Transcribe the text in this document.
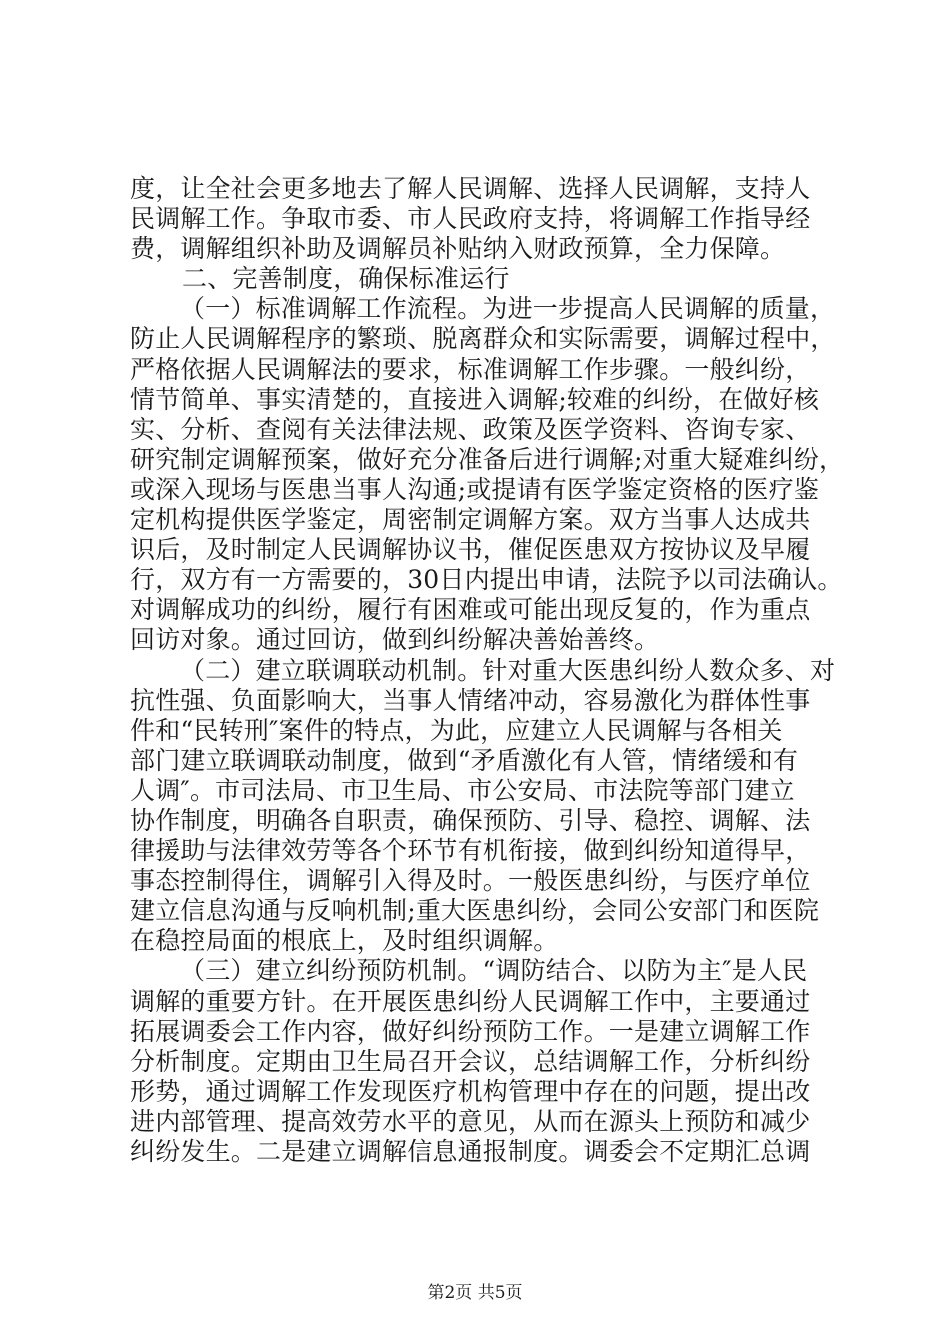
度，让全社会更多地去了解人民调解、选择人民调解，支持人
民调解工作。争取市委、市人民政府支持，将调解工作指导经
费，调解组织补助及调解员补贴纳入财政预算，全力保障。
二、完善制度，确保标准运行
（一）标准调解工作流程。为进一步提高人民调解的质量，
防止人民调解程序的繁琐、脱离群众和实际需要，调解过程中，
严格依据人民调解法的要求，标准调解工作步骤。一般纠纷，
情节简单、事实清楚的，直接进入调解;较难的纠纷，在做好核
实、分析、查阅有关法律法规、政策及医学资料、咨询专家、
研究制定调解预案，做好充分准备后进行调解;对重大疑难纠纷，
或深入现场与医患当事人沟通;或提请有医学鉴定资格的医疗鉴
定机构提供医学鉴定，周密制定调解方案。双方当事人达成共
识后，及时制定人民调解协议书，催促医患双方按协议及早履
行，双方有一方需要的，30日内提出申请，法院予以司法确认。
对调解成功的纠纷，履行有困难或可能出现反复的，作为重点
回访对象。通过回访，做到纠纷解决善始善终。
（二）建立联调联动机制。针对重大医患纠纷人数众多、对
抗性强、负面影响大，当事人情绪冲动，容易激化为群体性事
件和“民转刑″案件的特点，为此，应建立人民调解与各相关
部门建立联调联动制度，做到“矛盾激化有人管，情绪缓和有
人调″。市司法局、市卫生局、市公安局、市法院等部门建立
协作制度，明确各自职责，确保预防、引导、稳控、调解、法
律援助与法律效劳等各个环节有机衔接，做到纠纷知道得早，
事态控制得住，调解引入得及时。一般医患纠纷，与医疗单位
建立信息沟通与反响机制;重大医患纠纷，会同公安部门和医院
在稳控局面的根底上，及时组织调解。
（三）建立纠纷预防机制。“调防结合、以防为主″是人民
调解的重要方针。在开展医患纠纷人民调解工作中，主要通过
拓展调委会工作内容，做好纠纷预防工作。一是建立调解工作
分析制度。定期由卫生局召开会议，总结调解工作，分析纠纷
形势，通过调解工作发现医疗机构管理中存在的问题，提出改
进内部管理、提高效劳水平的意见，从而在源头上预防和减少
纠纷发生。二是建立调解信息通报制度。调委会不定期汇总调
第2页 共5页
